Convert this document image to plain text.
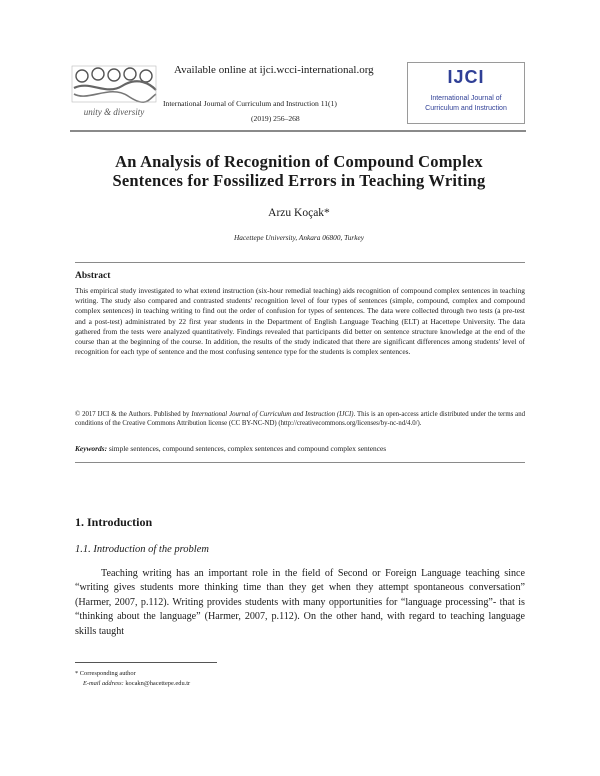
unity & diversity
Available online at ijci.wcci-international.org
International Journal of Curriculum and Instruction 11(1)
(2019) 256–268
IJCI
International Journal of
Curriculum and Instruction
An Analysis of Recognition of Compound Complex
Sentences for Fossilized Errors in Teaching Writing
Arzu Koçak*
Hacettepe University, Ankara 06800, Turkey
Abstract
This empirical study investigated to what extend instruction (six-hour remedial teaching) aids recognition of compound complex sentences in teaching writing. The study also compared and contrasted students' recognition level of four types of sentences (simple, compound, complex and compound complex sentences) in teaching writing to find out the order of confusion for types of sentences. The data were collected through two tests (a pre-test and a post-test) administrated by 22 first year students in the Department of English Language Teaching (ELT) at Hacettepe University. The data gathered from the tests were analyzed quantitatively. Findings revealed that participants did better on sentence structure knowledge at the end of the course than at the beginning of the course. In addition, the results of the study indicated that there are significant differences among students' level of recognition for each type of sentence and the most confusing sentence type for the students is complex sentences.
© 2017 IJCI & the Authors. Published by International Journal of Curriculum and Instruction (IJCI). This is an open-access article distributed under the terms and conditions of the Creative Commons Attribution license (CC BY-NC-ND) (http://creativecommons.org/licenses/by-nc-nd/4.0/).
Keywords: simple sentences, compound sentences, complex sentences and compound complex sentences
1. Introduction
1.1. Introduction of the problem

Teaching writing has an important role in the field of Second or Foreign Language teaching since “writing gives students more thinking time than they get when they attempt spontaneous conversation” (Harmer, 2007, p.112). Writing provides students with many opportunities for “language processing”- that is “thinking about the language” (Harmer, 2007, p.112). On the other hand, with regard to teaching language skills taught

* Corresponding author
E-mail address: kocakn@hacettepe.edu.tr
